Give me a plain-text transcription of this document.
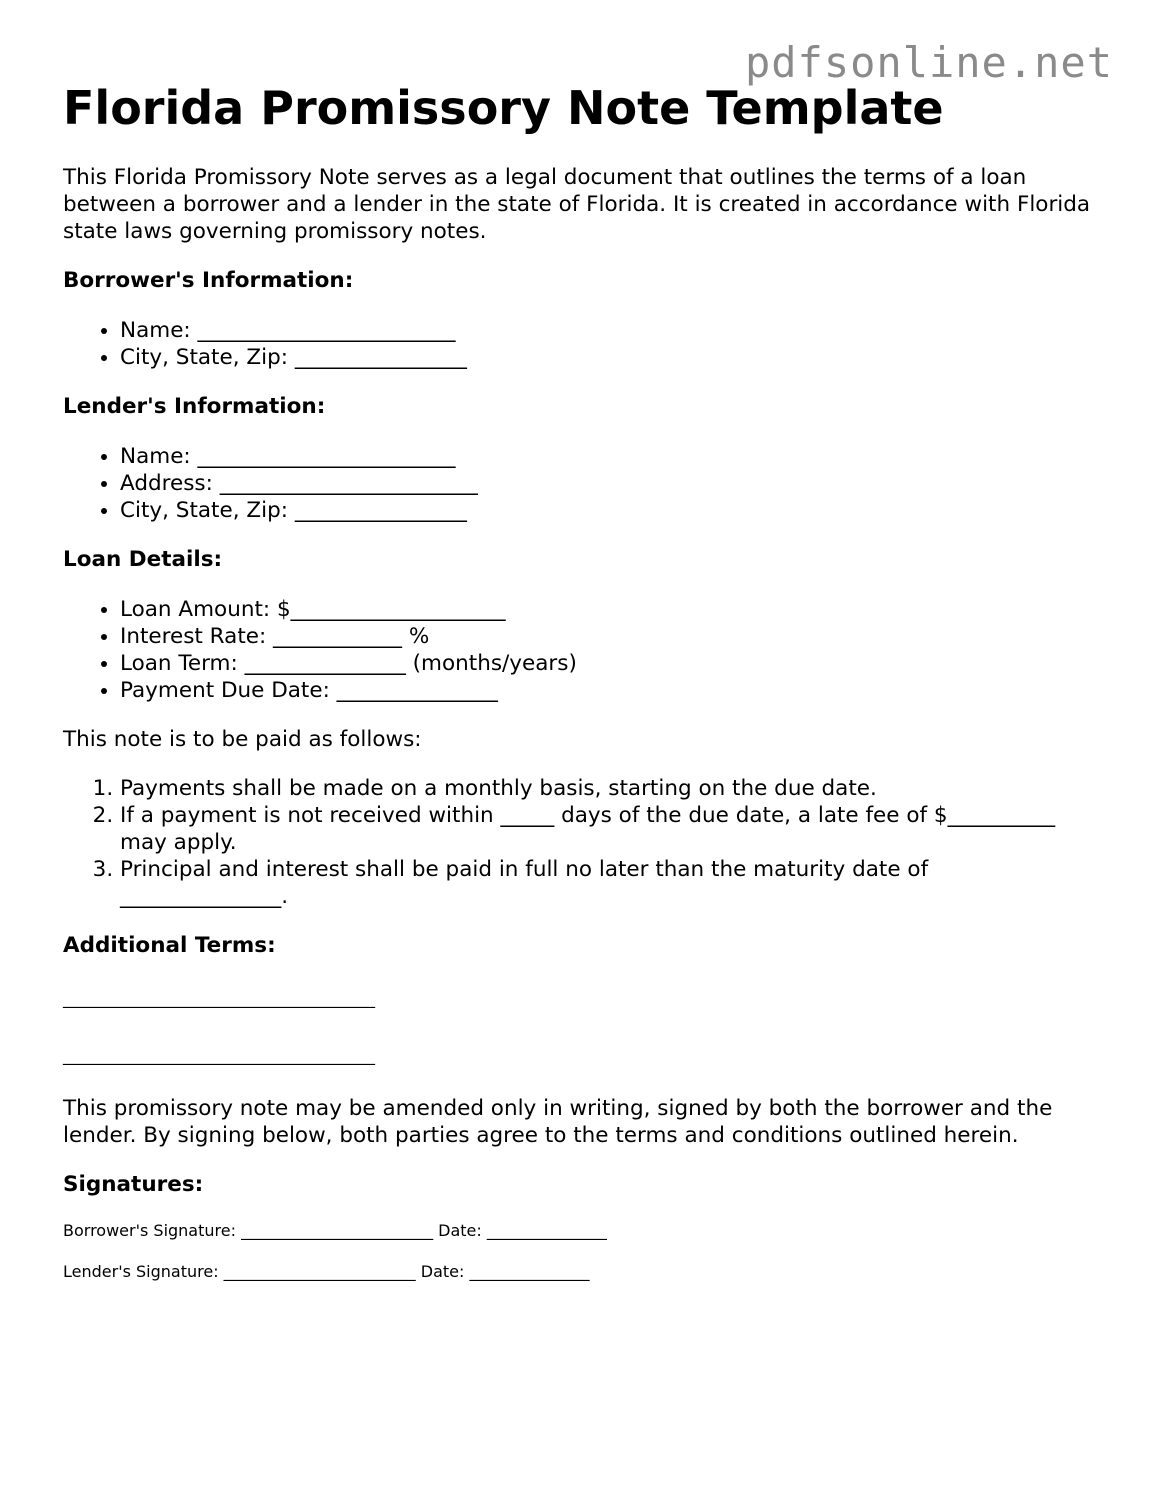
pdfsonline.net
Florida Promissory Note Template

This Florida Promissory Note serves as a legal document that outlines the terms of a loan between a borrower and a lender in the state of Florida. It is created in accordance with Florida state laws governing promissory notes.

Borrower's Information:
• Name: ________________________
• City, State, Zip: ________________
Lender's Information:
• Name: ________________________
• Address: ________________________
• City, State, Zip: ________________
Loan Details:
• Loan Amount: $____________________
• Interest Rate: ____________ %
• Loan Term: _______________ (months/years)
• Payment Due Date: _______________

This note is to be paid as follows:

1. Payments shall be made on a monthly basis, starting on the due date.
2. If a payment is not received within _____ days of the due date, a late fee of $__________ may apply.
3. Principal and interest shall be paid in full no later than the maturity date of _______________.
Additional Terms:
_______________________________________
_______________________________________

This promissory note may be amended only in writing, signed by both the borrower and the lender. By signing below, both parties agree to the terms and conditions outlined herein.

Signatures:
Borrower's Signature: ________________________ Date: _______________
Lender's Signature: ________________________ Date: _______________
